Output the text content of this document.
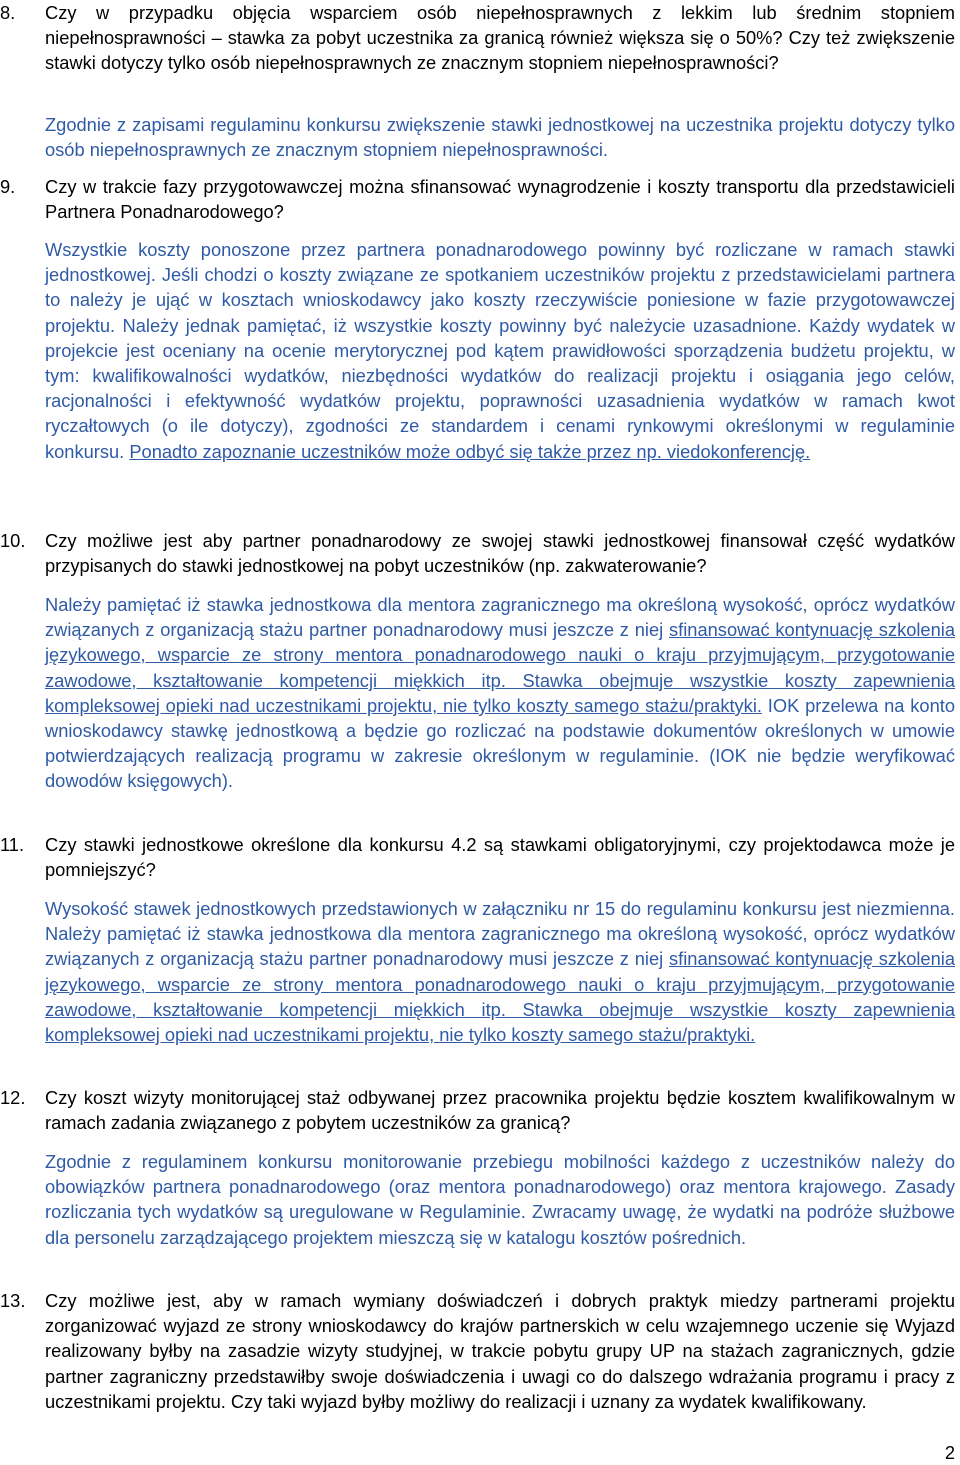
8. Czy w przypadku objęcia wsparciem osób niepełnosprawnych z lekkim lub średnim stopniem niepełnosprawności – stawka za pobyt uczestnika za granicą również większa się o 50%? Czy też zwiększenie stawki dotyczy tylko osób niepełnosprawnych ze znacznym stopniem niepełnosprawności?
Zgodnie z zapisami regulaminu konkursu zwiększenie stawki jednostkowej na uczestnika projektu dotyczy tylko osób niepełnosprawnych ze znacznym stopniem niepełnosprawności.
9. Czy w trakcie fazy przygotowawczej można sfinansować wynagrodzenie i koszty transportu dla przedstawicieli Partnera Ponadnarodowego?
Wszystkie koszty ponoszone przez partnera ponadnarodowego powinny być rozliczane w ramach stawki jednostkowej. Jeśli chodzi o koszty związane ze spotkaniem uczestników projektu z przedstawicielami partnera to należy je ująć w kosztach wnioskodawcy jako koszty rzeczywiście poniesione w fazie przygotowawczej projektu. Należy jednak pamiętać, iż wszystkie koszty powinny być należycie uzasadnione. Każdy wydatek w projekcie jest oceniany na ocenie merytorycznej pod kątem prawidłowości sporządzenia budżetu projektu, w tym: kwalifikowalności wydatków, niezbędności wydatków do realizacji projektu i osiągania jego celów, racjonalności i efektywność wydatków projektu, poprawności uzasadnienia wydatków w ramach kwot ryczałtowych (o ile dotyczy), zgodności ze standardem i cenami rynkowymi określonymi w regulaminie konkursu. Ponadto zapoznanie uczestników może odbyć się także przez np. viedokonferencję.
10. Czy możliwe jest aby partner ponadnarodowy ze swojej stawki jednostkowej finansował część wydatków przypisanych do stawki jednostkowej na pobyt uczestników (np. zakwaterowanie?
Należy pamiętać iż stawka jednostkowa dla mentora zagranicznego ma określoną wysokość, oprócz wydatków związanych z organizacją stażu partner ponadnarodowy musi jeszcze z niej sfinansować kontynuację szkolenia językowego, wsparcie ze strony mentora ponadnarodowego nauki o kraju przyjmującym, przygotowanie zawodowe, kształtowanie kompetencji miękkich itp. Stawka obejmuje wszystkie koszty zapewnienia kompleksowej opieki nad uczestnikami projektu, nie tylko koszty samego stażu/praktyki. IOK przelewa na konto wnioskodawcy stawkę jednostkową a będzie go rozliczać na podstawie dokumentów określonych w umowie potwierdzających realizacją programu w zakresie określonym w regulaminie. (IOK nie będzie weryfikować dowodów księgowych).
11. Czy stawki jednostkowe określone dla konkursu 4.2 są stawkami obligatoryjnymi, czy projektodawca może je pomniejszyć?
Wysokość stawek jednostkowych przedstawionych w załączniku nr 15 do regulaminu konkursu jest niezmienna. Należy pamiętać iż stawka jednostkowa dla mentora zagranicznego ma określoną wysokość, oprócz wydatków związanych z organizacją stażu partner ponadnarodowy musi jeszcze z niej sfinansować kontynuację szkolenia językowego, wsparcie ze strony mentora ponadnarodowego nauki o kraju przyjmującym, przygotowanie zawodowe, kształtowanie kompetencji miękkich itp. Stawka obejmuje wszystkie koszty zapewnienia kompleksowej opieki nad uczestnikami projektu, nie tylko koszty samego stażu/praktyki.
12. Czy koszt wizyty monitorującej staż odbywanej przez pracownika projektu będzie kosztem kwalifikowalnym w ramach zadania związanego z pobytem uczestników za granicą?
Zgodnie z regulaminem konkursu monitorowanie przebiegu mobilności każdego z uczestników należy do obowiązków partnera ponadnarodowego (oraz mentora ponadnarodowego) oraz mentora krajowego. Zasady rozliczania tych wydatków są uregulowane w Regulaminie. Zwracamy uwagę, że wydatki na podróże służbowe dla personelu zarządzającego projektem mieszczą się w katalogu kosztów pośrednich.
13. Czy możliwe jest, aby w ramach wymiany doświadczeń i dobrych praktyk miedzy partnerami projektu zorganizować wyjazd ze strony wnioskodawcy do krajów partnerskich w celu wzajemnego uczenie się Wyjazd realizowany byłby na zasadzie wizyty studyjnej, w trakcie pobytu grupy UP na stażach zagranicznych, gdzie partner zagraniczny przedstawiłby swoje doświadczenia i uwagi co do dalszego wdrażania programu i pracy z uczestnikami projektu. Czy taki wyjazd byłby możliwy do realizacji i uznany za wydatek kwalifikowany.
2
